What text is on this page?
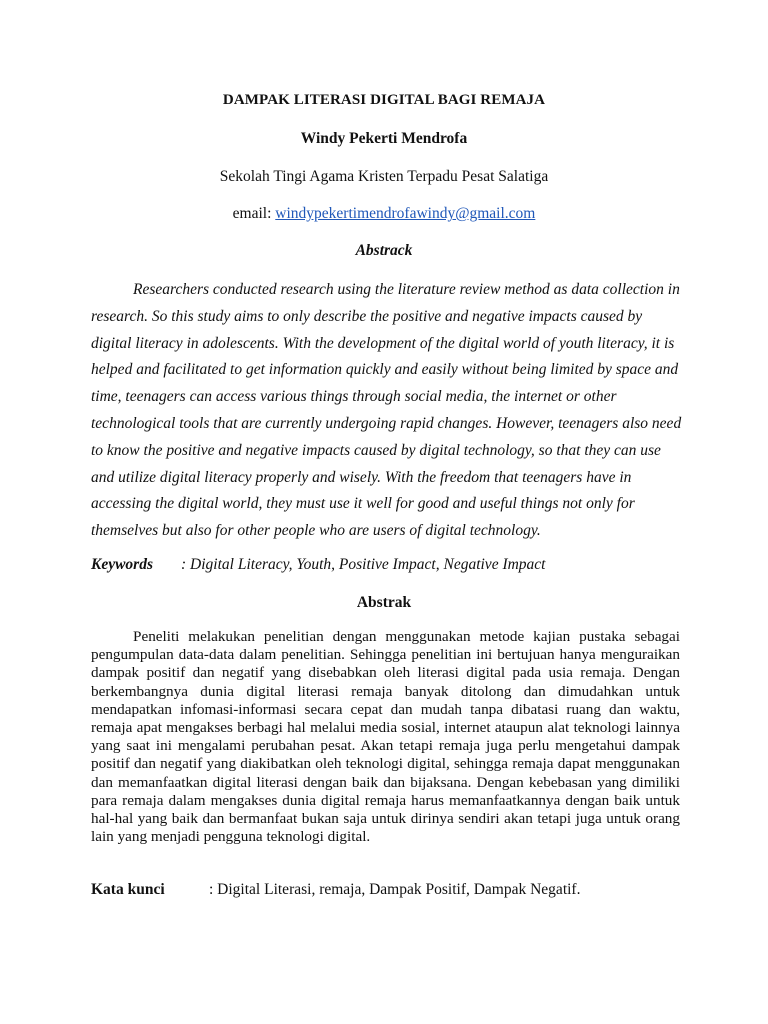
DAMPAK LITERASI DIGITAL BAGI REMAJA
Windy Pekerti Mendrofa
Sekolah Tingi Agama Kristen Terpadu Pesat Salatiga
email: windypekertimendrofawindy@gmail.com
Abstrack

Researchers conducted research using the literature review method as data collection in research. So this study aims to only describe the positive and negative impacts caused by digital literacy in adolescents. With the development of the digital world of youth literacy, it is helped and facilitated to get information quickly and easily without being limited by space and time, teenagers can access various things through social media, the internet or other technological tools that are currently undergoing rapid changes. However, teenagers also need to know the positive and negative impacts caused by digital technology, so that they can use and utilize digital literacy properly and wisely. With the freedom that teenagers have in accessing the digital world, they must use it well for good and useful things not only for themselves but also for other people who are users of digital technology.

Keywords : Digital Literacy, Youth, Positive Impact, Negative Impact
Abstrak

Peneliti melakukan penelitian dengan menggunakan metode kajian pustaka sebagai pengumpulan data-data dalam penelitian. Sehingga penelitian ini bertujuan hanya menguraikan dampak positif dan negatif yang disebabkan oleh literasi digital pada usia remaja. Dengan berkembangnya dunia digital literasi remaja banyak ditolong dan dimudahkan untuk mendapatkan infomasi-informasi secara cepat dan mudah tanpa dibatasi ruang dan waktu, remaja apat mengakses berbagi hal melalui media sosial, internet ataupun alat teknologi lainnya yang saat ini mengalami perubahan pesat. Akan tetapi remaja juga perlu mengetahui dampak positif dan negatif yang diakibatkan oleh teknologi digital, sehingga remaja dapat menggunakan dan memanfaatkan digital literasi dengan baik dan bijaksana. Dengan kebebasan yang dimiliki para remaja dalam mengakses dunia digital remaja harus memanfaatkannya dengan baik untuk hal-hal yang baik dan bermanfaat bukan saja untuk dirinya sendiri akan tetapi juga untuk orang lain yang menjadi pengguna teknologi digital.

Kata kunci	: Digital Literasi, remaja, Dampak Positif, Dampak Negatif.
